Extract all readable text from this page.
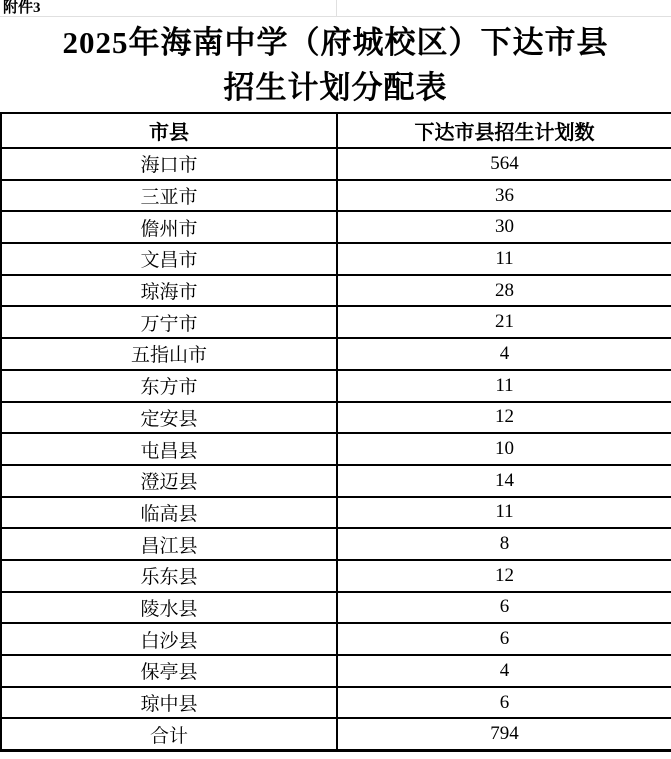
附件3
2025年海南中学（府城校区）下达市县
招生计划分配表
市县	下达市县招生计划数
海口市	564
三亚市	36
儋州市	30
文昌市	11
琼海市	28
万宁市	21
五指山市	4
东方市	11
定安县	12
屯昌县	10
澄迈县	14
临高县	11
昌江县	8
乐东县	12
陵水县	6
白沙县	6
保亭县	4
琼中县	6
合计	794
